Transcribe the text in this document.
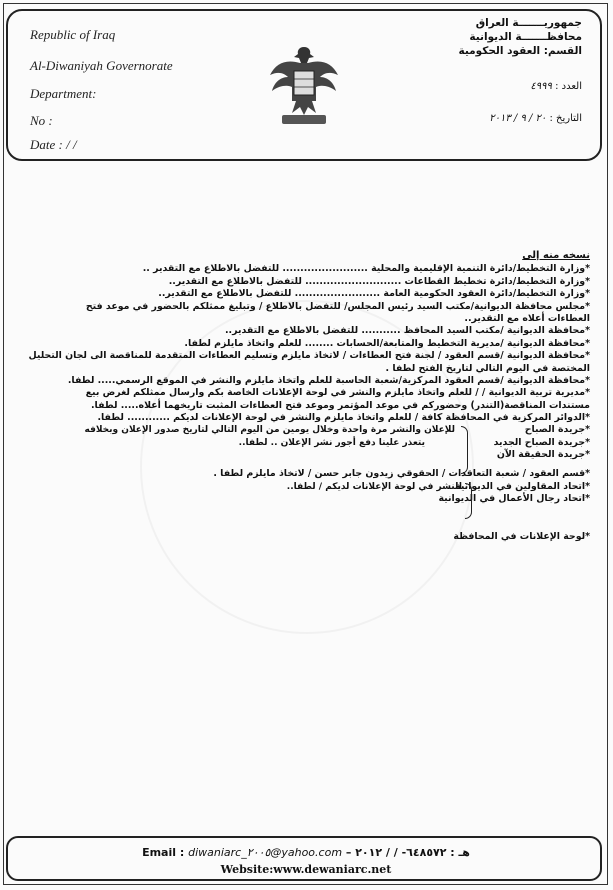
Republic of Iraq
Al-Diwaniyah Governorate
Department:
No :
Date : / /
جمهوريـــــــة العراق
محافظـــــــة الديوانية
القسم: العقود الحكومية
العدد : ٤٩٩٩
التاريخ : ٢٠ / ٩ / ٢٠١٣
نسخه منه إلى
*وزارة التخطيط/دائرة التنمية الإقليمية والمحلية ........................ للتفضل بالاطلاع مع التقدير ..
*وزارة التخطيط/دائرة تخطيط القطاعات ........................... للتفضل بالاطلاع مع التقدير..
*وزارة التخطيط/دائرة العقود الحكومية العامة ........................ للتفضل بالاطلاع مع التقدير..
*مجلس محافظة الديوانية/مكتب السيد رئيس المجلس/ للتفضل بالاطلاع / وتبليغ ممثلكم بالحضور في موعد فتح
العطاءات أعلاه مع التقدير..
*محافظة الديوانية /مكتب السيد المحافظ ........... للتفضل بالاطلاع مع التقدير..
*محافظة الديوانية /مديرية التخطيط والمتابعة/الحسابات ........ للعلم واتخاذ مايلزم لطفا.
*محافظة الديوانية /قسم العقود / لجنة فتح العطاءات / لاتخاذ مايلزم وتسليم العطاءات المتقدمة للمناقصة الى لجان التحليل
المختصة في اليوم التالي لتاريخ الفتح لطفا .
*محافظة الديوانية /قسم العقود المركزية/شعبة الحاسبة للعلم واتخاذ مايلزم والنشر في الموقع الرسمي..... لطفا.
*مديرية تربية الديوانية / / للعلم واتخاذ مايلزم والنشر في لوحة الإعلانات الخاصة بكم وارسال ممثلكم لغرض بيع
مستندات المناقصة(التندر) وحضوركم في موعد المؤتمر وموعد فتح العطاءات المثبت تاريخهما أعلاه..... لطفا.
*الدوائر المركزية في المحافظة كافة / للعلم واتخاذ مايلزم والنشر في لوحة الإعلانات لديكم ............ لطفا.
*جريدة الصباح
*جريدة الصباح الجديد
*جريدة الحقيقة الآن
للإعلان والنشر مرة واحدة وخلال يومين من اليوم التالي لتاريخ صدور الإعلان وبخلافه
يتعذر علينا دفع أجور نشر الإعلان .. لطفا..
*قسم العقود / شعبة التعاقدات / الحقوقي زيدون جابر حسن / لاتخاذ مايلزم لطفا .
*اتحاد المقاولين في الديوانية
*اتحاد رجال الأعمال في الديوانية
للنشر في لوحة الإعلانات لديكم / لطفا..
*لوحة الإعلانات في المحافظة
Email : diwaniarc_٢٠٠٥@yahoo.com – هـ : ٦٤٨٥٧٢- / / ٢٠١٢
Website:www.dewaniarc.net
